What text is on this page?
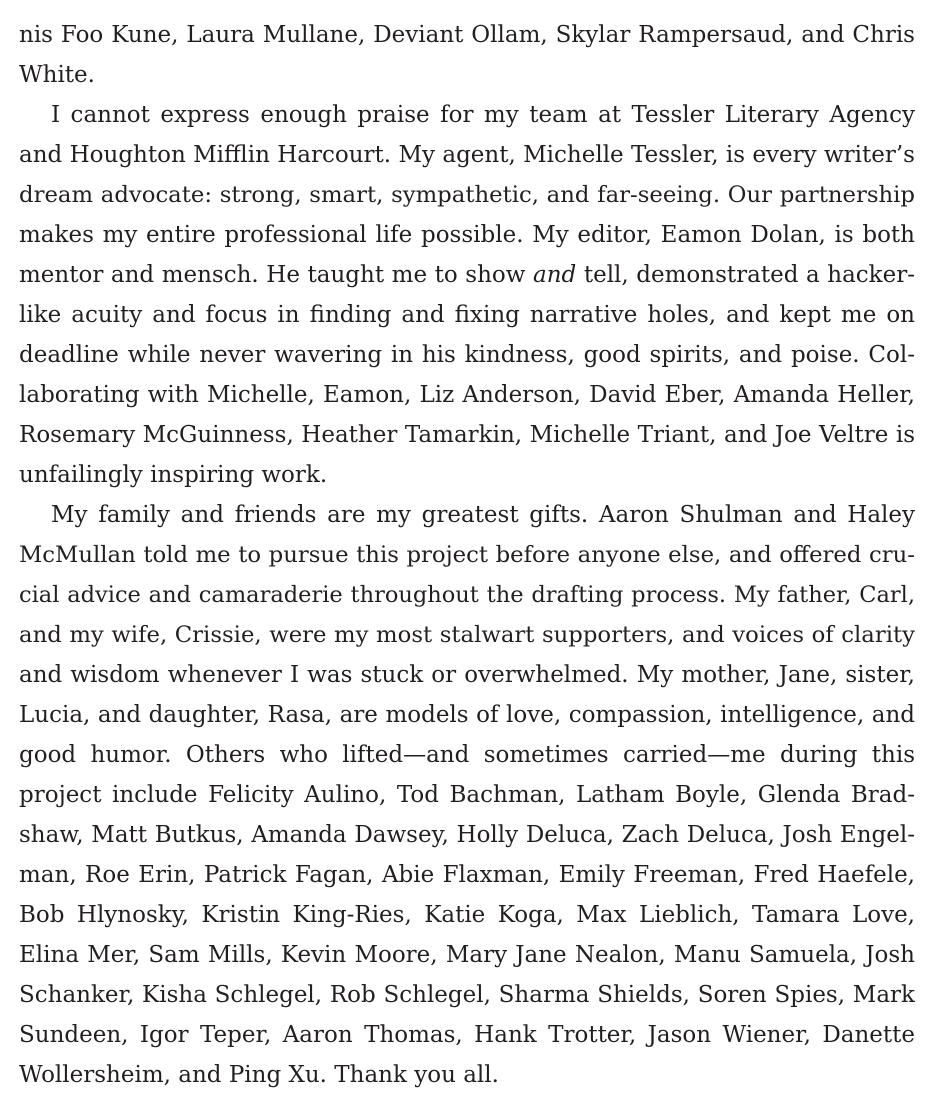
nis Foo Kune, Laura Mullane, Deviant Ollam, Skylar Rampersaud, and Chris
White.
I cannot express enough praise for my team at Tessler Literary Agency
and Houghton Mifflin Harcourt. My agent, Michelle Tessler, is every writer’s
dream advocate: strong, smart, sympathetic, and far-seeing. Our partnership
makes my entire professional life possible. My editor, Eamon Dolan, is both
mentor and mensch. He taught me to show and tell, demonstrated a hacker-
like acuity and focus in finding and fixing narrative holes, and kept me on
deadline while never wavering in his kindness, good spirits, and poise. Col-
laborating with Michelle, Eamon, Liz Anderson, David Eber, Amanda Heller,
Rosemary McGuinness, Heather Tamarkin, Michelle Triant, and Joe Veltre is
unfailingly inspiring work.
My family and friends are my greatest gifts. Aaron Shulman and Haley
McMullan told me to pursue this project before anyone else, and offered cru-
cial advice and camaraderie throughout the drafting process. My father, Carl,
and my wife, Crissie, were my most stalwart supporters, and voices of clarity
and wisdom whenever I was stuck or overwhelmed. My mother, Jane, sister,
Lucia, and daughter, Rasa, are models of love, compassion, intelligence, and
good humor. Others who lifted—and sometimes carried—me during this
project include Felicity Aulino, Tod Bachman, Latham Boyle, Glenda Brad-
shaw, Matt Butkus, Amanda Dawsey, Holly Deluca, Zach Deluca, Josh Engel-
man, Roe Erin, Patrick Fagan, Abie Flaxman, Emily Freeman, Fred Haefele,
Bob Hlynosky, Kristin King-Ries, Katie Koga, Max Lieblich, Tamara Love,
Elina Mer, Sam Mills, Kevin Moore, Mary Jane Nealon, Manu Samuela, Josh
Schanker, Kisha Schlegel, Rob Schlegel, Sharma Shields, Soren Spies, Mark
Sundeen, Igor Teper, Aaron Thomas, Hank Trotter, Jason Wiener, Danette
Wollersheim, and Ping Xu. Thank you all.
